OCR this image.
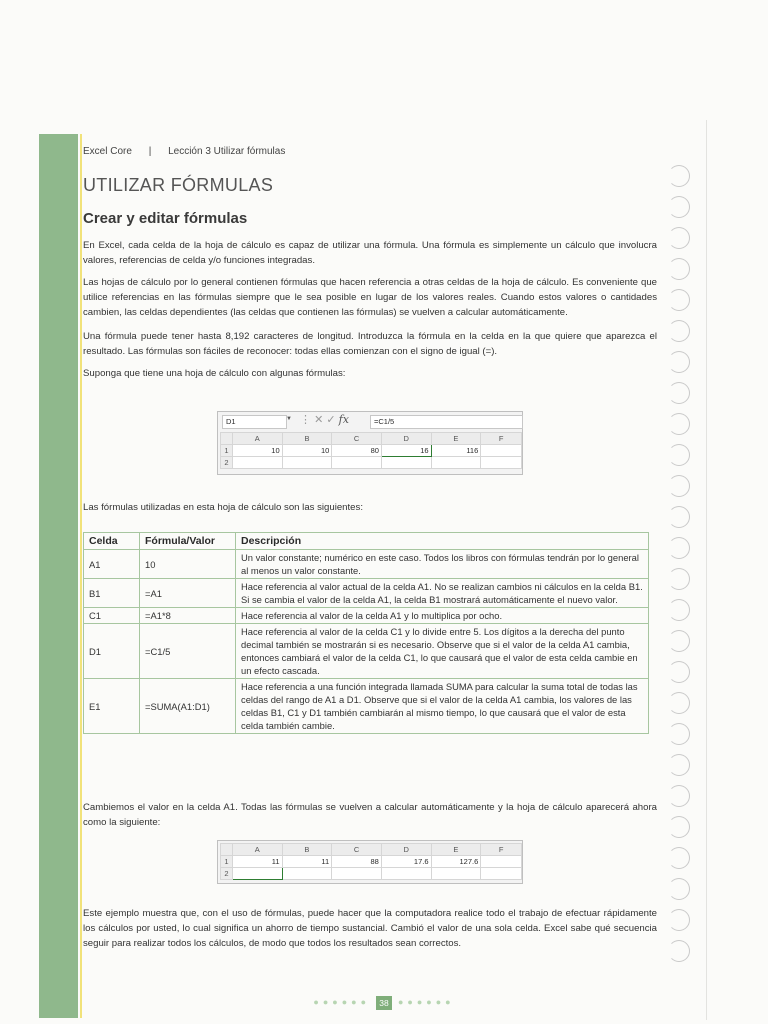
Excel Core | Lección 3 Utilizar fórmulas
UTILIZAR FÓRMULAS
Crear y editar fórmulas
En Excel, cada celda de la hoja de cálculo es capaz de utilizar una fórmula. Una fórmula es simplemente un cálculo que involucra valores, referencias de celda y/o funciones integradas.
Las hojas de cálculo por lo general contienen fórmulas que hacen referencia a otras celdas de la hoja de cálculo. Es conveniente que utilice referencias en las fórmulas siempre que le sea posible en lugar de los valores reales. Cuando estos valores o cantidades cambien, las celdas dependientes (las celdas que contienen las fórmulas) se vuelven a calcular automáticamente.
Una fórmula puede tener hasta 8,192 caracteres de longitud. Introduzca la fórmula en la celda en la que quiere que aparezca el resultado. Las fórmulas son fáciles de reconocer: todas ellas comienzan con el signo de igual (=).
Suponga que tiene una hoja de cálculo con algunas fórmulas:
D1	▼ ⋮ ✕ ✓ fx	=C1/5
	A	B	C	D	E	F
1	10	10	80	16	116	
2						
Las fórmulas utilizadas en esta hoja de cálculo son las siguientes:
Celda	Fórmula/Valor	Descripción
A1	10	Un valor constante; numérico en este caso. Todos los libros con fórmulas tendrán por lo general al menos un valor constante.
B1	=A1	Hace referencia al valor actual de la celda A1. No se realizan cambios ni cálculos en la celda B1. Si se cambia el valor de la celda A1, la celda B1 mostrará automáticamente el nuevo valor.
C1	=A1*8	Hace referencia al valor de la celda A1 y lo multiplica por ocho.
D1	=C1/5	Hace referencia al valor de la celda C1 y lo divide entre 5. Los dígitos a la derecha del punto decimal también se mostrarán si es necesario. Observe que si el valor de la celda A1 cambia, entonces cambiará el valor de la celda C1, lo que causará que el valor de esta celda cambie en un efecto cascada.
E1	=SUMA(A1:D1)	Hace referencia a una función integrada llamada SUMA para calcular la suma total de todas las celdas del rango de A1 a D1. Observe que si el valor de la celda A1 cambia, los valores de las celdas B1, C1 y D1 también cambiarán al mismo tiempo, lo que causará que el valor de esta celda también cambie.
Cambiemos el valor en la celda A1. Todas las fórmulas se vuelven a calcular automáticamente y la hoja de cálculo aparecerá ahora como la siguiente:
	A	B	C	D	E	F
1	11	11	88	17.6	127.6	
2						
Este ejemplo muestra que, con el uso de fórmulas, puede hacer que la computadora realice todo el trabajo de efectuar rápidamente los cálculos por usted, lo cual significa un ahorro de tiempo sustancial. Cambió el valor de una sola celda. Excel sabe qué secuencia seguir para realizar todos los cálculos, de modo que todos los resultados sean correctos.
●●●●●● 38 ●●●●●●
